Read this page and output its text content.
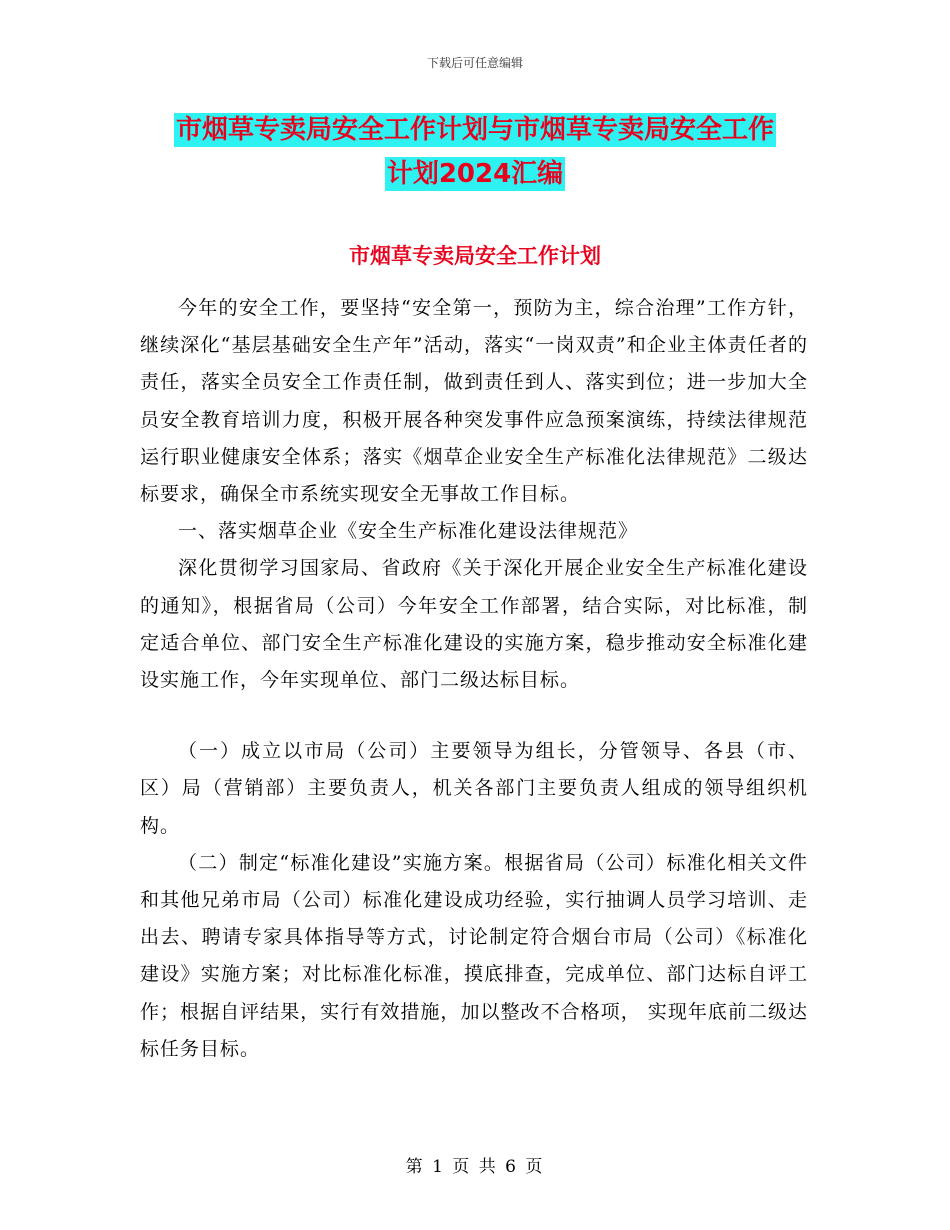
下载后可任意编辑
市烟草专卖局安全工作计划与市烟草专卖局安全工作
计划2024汇编
市烟草专卖局安全工作计划

今年的安全工作，要坚持“安全第一，预防为主，综合治理”工作方针，继续深化“基层基础安全生产年”活动，落实“一岗双责”和企业主体责任者的责任，落实全员安全工作责任制，做到责任到人、落实到位；进一步加大全员安全教育培训力度，积极开展各种突发事件应急预案演练，持续法律规范运行职业健康安全体系；落实《烟草企业安全生产标准化法律规范》二级达标要求，确保全市系统实现安全无事故工作目标。

一、落实烟草企业《安全生产标准化建设法律规范》

深化贯彻学习国家局、省政府《关于深化开展企业安全生产标准化建设的通知》，根据省局（公司）今年安全工作部署，结合实际，对比标准，制定适合单位、部门安全生产标准化建设的实施方案，稳步推动安全标准化建设实施工作，今年实现单位、部门二级达标目标。

（一）成立以市局（公司）主要领导为组长，分管领导、各县（市、区）局（营销部）主要负责人，机关各部门主要负责人组成的领导组织机构。

（二）制定“标准化建设”实施方案。根据省局（公司）标准化相关文件和其他兄弟市局（公司）标准化建设成功经验，实行抽调人员学习培训、走出去、聘请专家具体指导等方式，讨论制定符合烟台市局（公司）《标准化建设》实施方案；对比标准化标准，摸底排查，完成单位、部门达标自评工作；根据自评结果，实行有效措施，加以整改不合格项， 实现年底前二级达标任务目标。

第 1 页 共 6 页
